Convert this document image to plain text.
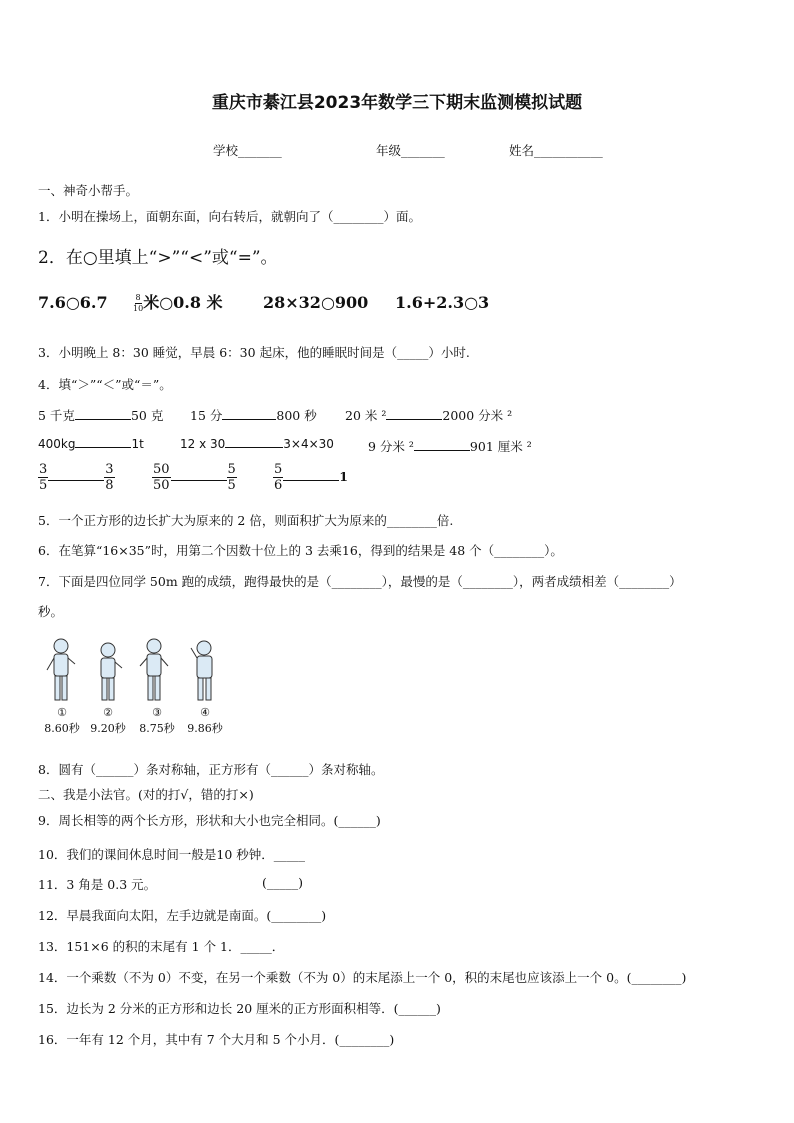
重庆市綦江县2023年数学三下期末监测模拟试题
学校_______	年级_______	姓名___________
一、神奇小帮手。
1．小明在操场上，面朝东面，向右转后，就朝向了（________）面。
2．在○里填上“>”“<”或“=”。
7.6○6.7	$\frac{8}{10}$ 米○0.8 米	28×32○900 1.6+2.3○3
3．小明晚上 8：30 睡觉，早晨 6：30 起床，他的睡眠时间是（_____）小时.
4．填“＞”“＜”或“＝”。
5 千克	50 克 15 分	800 秒 20 米 ²	2000 分米 ²
400kg	1t	12 x 30	3×4×30	9 分米 ²	901 厘米 ²
$\frac{3}{5}$	$\frac{3}{8}$	$\frac{50}{50}$	$\frac{5}{5}$	$\frac{5}{6}$	1
5．一个正方形的边长扩大为原来的 2 倍，则面积扩大为原来的________倍.
6．在笔算“16×35”时，用第二个因数十位上的 3 去乘16，得到的结果是 48 个（________）。
7．下面是四位同学 50m 跑的成绩，跑得最快的是（________），最慢的是（________），两者成绩相差（________）
秒。
①
8.60秒
②
9.20秒
③
8.75秒
④
9.86秒
8．圆有（______）条对称轴，正方形有（______）条对称轴。
二、我是小法官。(对的打√，错的打×)
9．周长相等的两个长方形，形状和大小也完全相同。(______)
10．我们的课间休息时间一般是10 秒钟．_____
11．3 角是 0.3 元。	(_____)
12．早晨我面向太阳，左手边就是南面。(________)
13．151×6 的积的末尾有 1 个 1．_____．
14．一个乘数（不为 0）不变，在另一个乘数（不为 0）的末尾添上一个 0，积的末尾也应该添上一个 0。(________)
15．边长为 2 分米的正方形和边长 20 厘米的正方形面积相等．(______)
16．一年有 12 个月，其中有 7 个大月和 5 个小月．(________)
